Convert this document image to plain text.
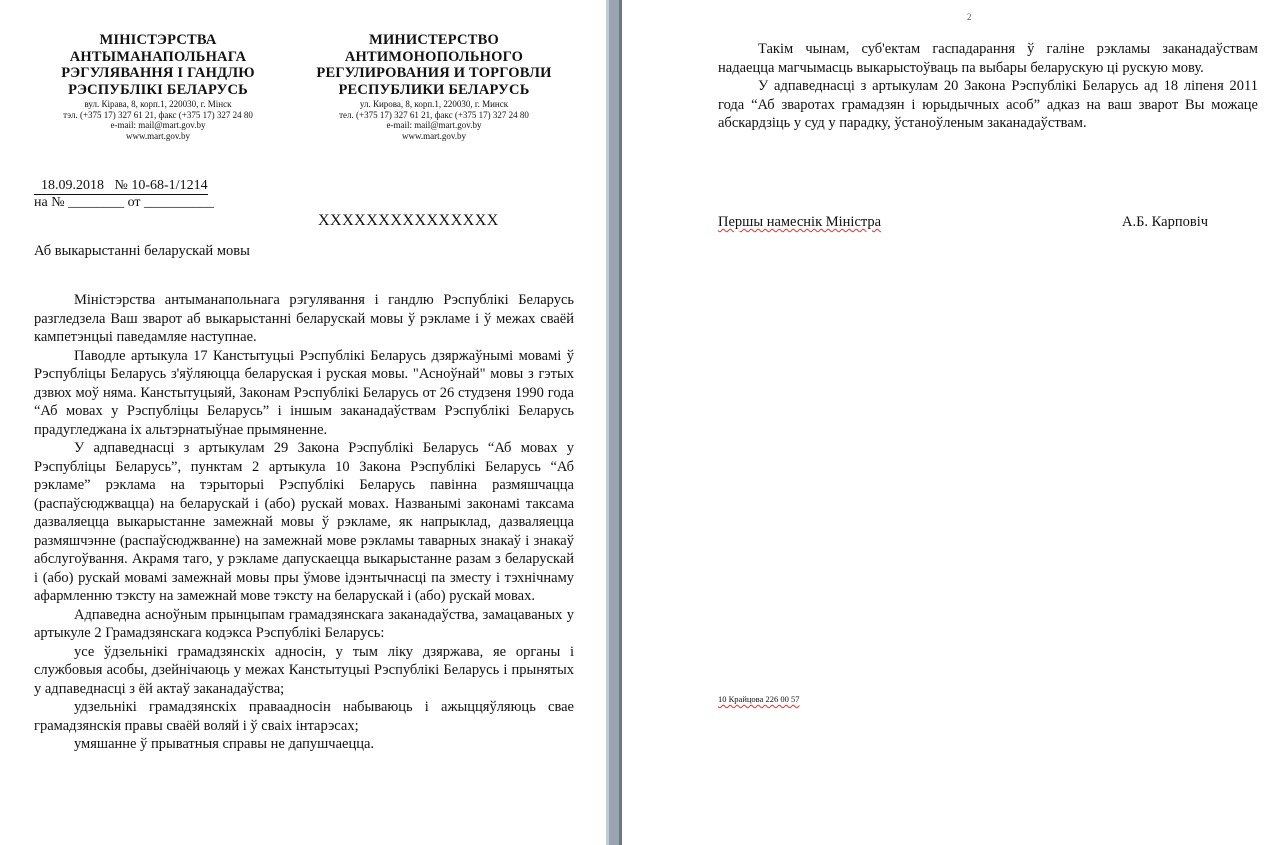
МІНІСТЭРСТВА
АНТЫМАНАПОЛЬНАГА
РЭГУЛЯВАННЯ І ГАНДЛЮ
РЭСПУБЛІКІ БЕЛАРУСЬ
вул. Кірава, 8, корп.1, 220030, г. Мінск
тэл. (+375 17) 327 61 21, факс (+375 17) 327 24 80
e-mail: mail@mart.gov.by
www.mart.gov.by
МИНИСТЕРСТВО
АНТИМОНОПОЛЬНОГО
РЕГУЛИРОВАНИЯ И ТОРГОВЛИ
РЕСПУБЛИКИ БЕЛАРУСЬ
ул. Кирова, 8, корп.1, 220030, г. Минск
тел. (+375 17) 327 61 21, факс (+375 17) 327 24 80
e-mail: mail@mart.gov.by
www.mart.gov.by
18.09.2018 № 10-68-1/1214
на № ________ от __________
ХХХХХХХХХХХХХХХ
Аб выкарыстанні беларускай мовы

Міністэрства антыманапольнага рэгулявання і гандлю Рэспублікі Беларусь разгледзела Ваш зварот аб выкарыстанні беларускай мовы ў рэкламе і ў межах сваёй кампетэнцыі паведамляе наступнае.

Паводле артыкула 17 Канстытуцыі Рэспублікі Беларусь дзяржаўнымі мовамі ў Рэспубліцы Беларусь з'яўляюцца беларуская і руская мовы. "Асноўнай" мовы з гэтых дзвюх моў няма. Канстытуцыяй, Законам Рэспублікі Беларусь от 26 студзеня 1990 года “Аб мовах у Рэспубліцы Беларусь” і іншым заканадаўствам Рэспублікі Беларусь прадугледжана іх альтэрнатыўнае прымяненне.

У адпаведнасці з артыкулам 29 Закона Рэспублікі Беларусь “Аб мовах у Рэспубліцы Беларусь”, пунктам 2 артыкула 10 Закона Рэспублікі Беларусь “Аб рэкламе” рэклама на тэрыторыі Рэспублікі Беларусь павінна размяшчацца (распаўсюджвацца) на беларускай і (або) рускай мовах. Названымі законамі таксама дазваляецца выкарыстанне замежнай мовы ў рэкламе, як напрыклад, дазваляецца размяшчэнне (распаўсюджванне) на замежнай мове рэкламы таварных знакаў і знакаў абслугоўвання. Акрамя таго, у рэкламе дапускаецца выкарыстанне разам з беларускай і (або) рускай мовамі замежнай мовы пры ўмове ідэнтычнасці па зместу і тэхнічнаму афармленню тэксту на замежнай мове тэксту на беларускай і (або) рускай мовах.

Адпаведна асноўным прынцыпам грамадзянскага заканадаўства, замацаваных у артыкуле 2 Грамадзянскага кодэкса Рэспублікі Беларусь:

усе ўдзельнікі грамадзянскіх адносін, у тым ліку дзяржава, яе органы і службовыя асобы, дзейнічаюць у межах Канстытуцыі Рэспублікі Беларусь і прынятых у адпаведнасці з ёй актаў заканадаўства;

удзельнікі грамадзянскіх праваадносін набываюць і ажыццяўляюць свае грамадзянскія правы сваёй воляй і ў сваіх інтарэсах;

умяшанне ў прыватныя справы не дапушчаецца.

2

Такім чынам, суб'ектам гаспадарання ў галіне рэкламы заканадаўствам надаецца магчымасць выкарыстоўваць па выбары беларускую ці рускую мову.

У адпаведнасці з артыкулам 20 Закона Рэспублікі Беларусь ад 18 ліпеня 2011 года “Аб зваротах грамадзян і юрыдычных асоб” адказ на ваш зварот Вы можаце абскардзіць у суд у парадку, ўстаноўленым заканадаўствам.

Першы намеснік Міністра	А.Б. Карповіч
10 Крайцова 226 00 57
